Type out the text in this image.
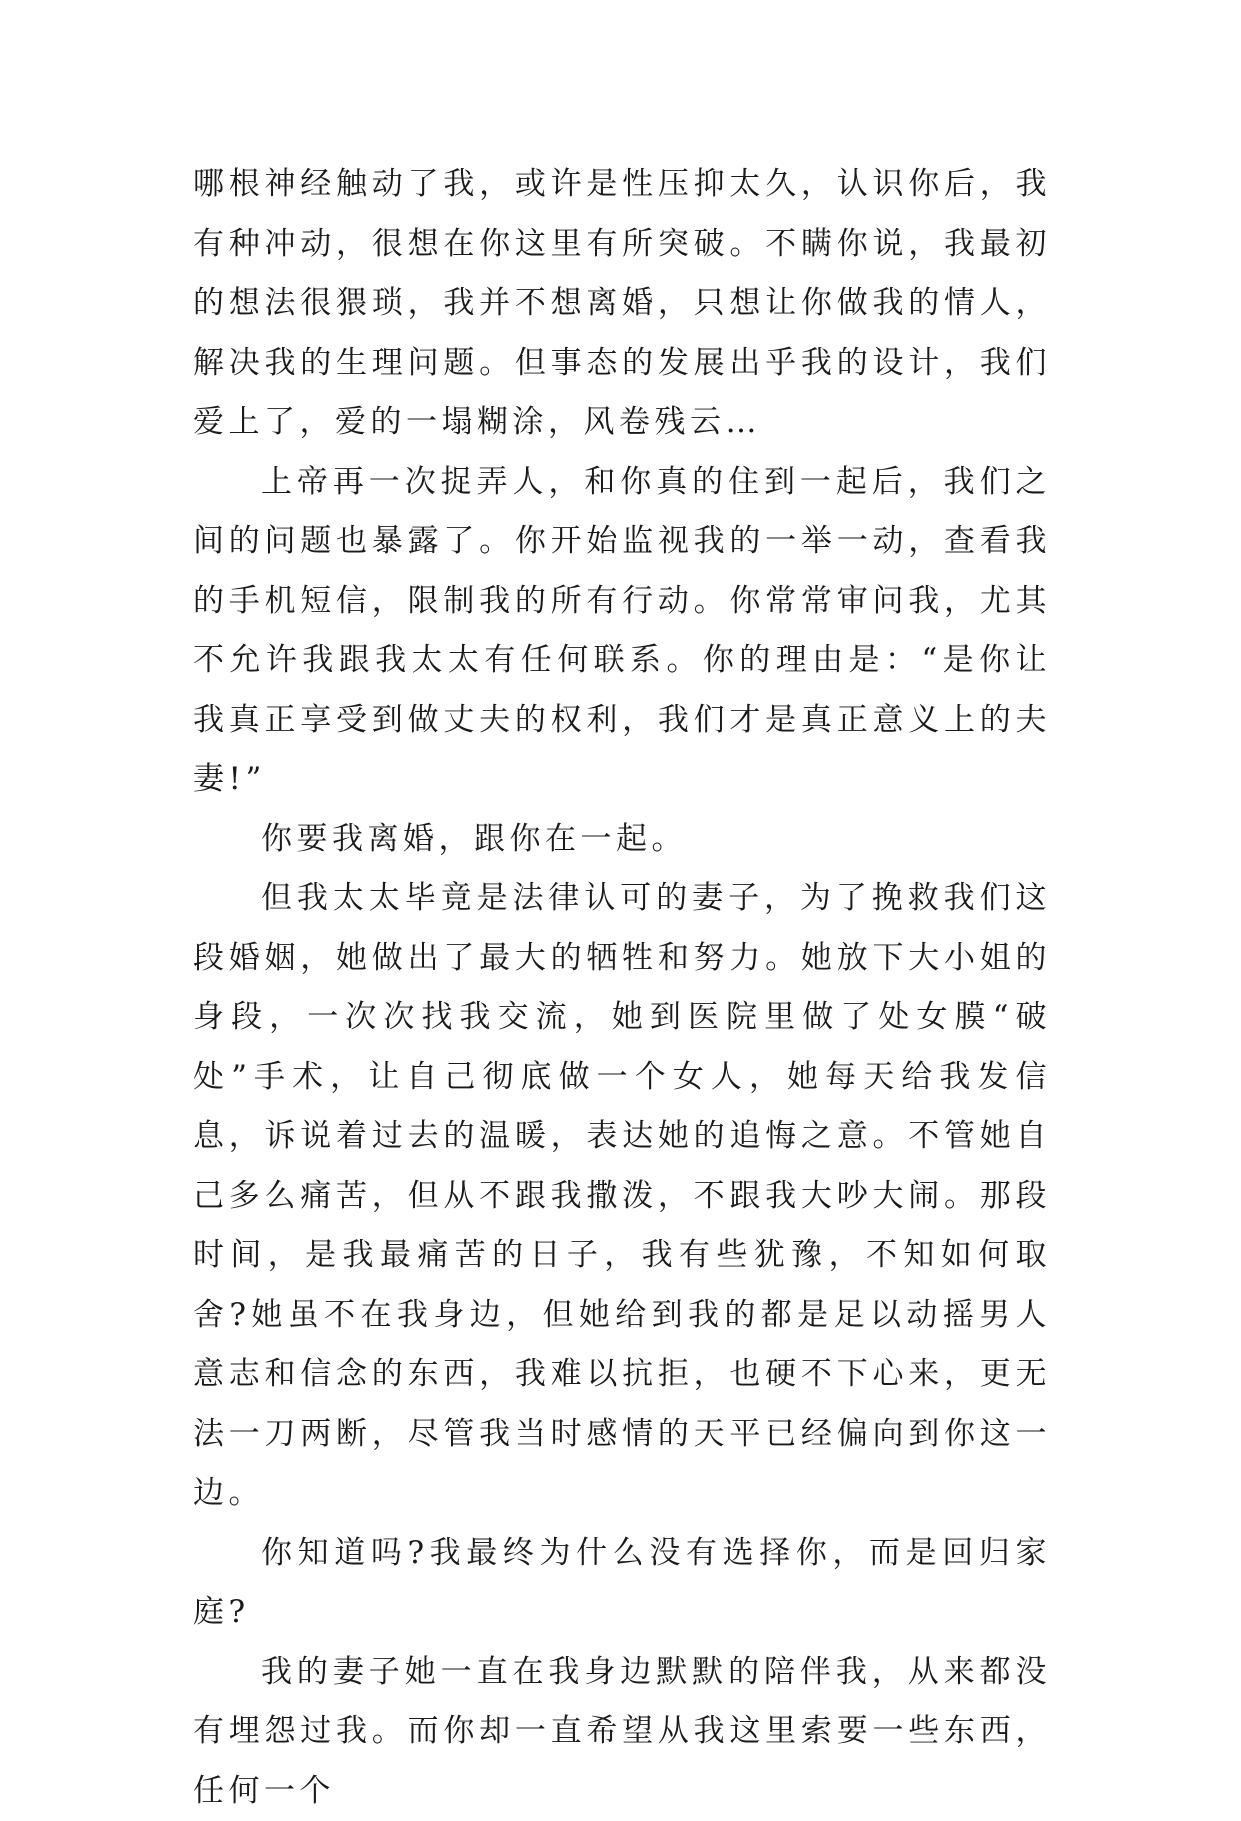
哪根神经触动了我，或许是性压抑太久，认识你后，我有种冲动，很想在你这里有所突破。不瞒你说，我最初的想法很猥琐，我并不想离婚，只想让你做我的情人，解决我的生理问题。但事态的发展出乎我的设计，我们爱上了，爱的一塌糊涂，风卷残云…

上帝再一次捉弄人，和你真的住到一起后，我们之间的问题也暴露了。你开始监视我的一举一动，查看我的手机短信，限制我的所有行动。你常常审问我，尤其不允许我跟我太太有任何联系。你的理由是：“是你让我真正享受到做丈夫的权利，我们才是真正意义上的夫妻!”

你要我离婚，跟你在一起。

但我太太毕竟是法律认可的妻子，为了挽救我们这段婚姻，她做出了最大的牺牲和努力。她放下大小姐的身段，一次次找我交流，她到医院里做了处女膜“破处”手术，让自己彻底做一个女人，她每天给我发信息，诉说着过去的温暖，表达她的追悔之意。不管她自己多么痛苦，但从不跟我撒泼，不跟我大吵大闹。那段时间，是我最痛苦的日子，我有些犹豫，不知如何取舍?她虽不在我身边，但她给到我的都是足以动摇男人意志和信念的东西，我难以抗拒，也硬不下心来，更无法一刀两断，尽管我当时感情的天平已经偏向到你这一边。

你知道吗?我最终为什么没有选择你，而是回归家庭?

我的妻子她一直在我身边默默的陪伴我，从来都没有埋怨过我。而你却一直希望从我这里索要一些东西，任何一个
